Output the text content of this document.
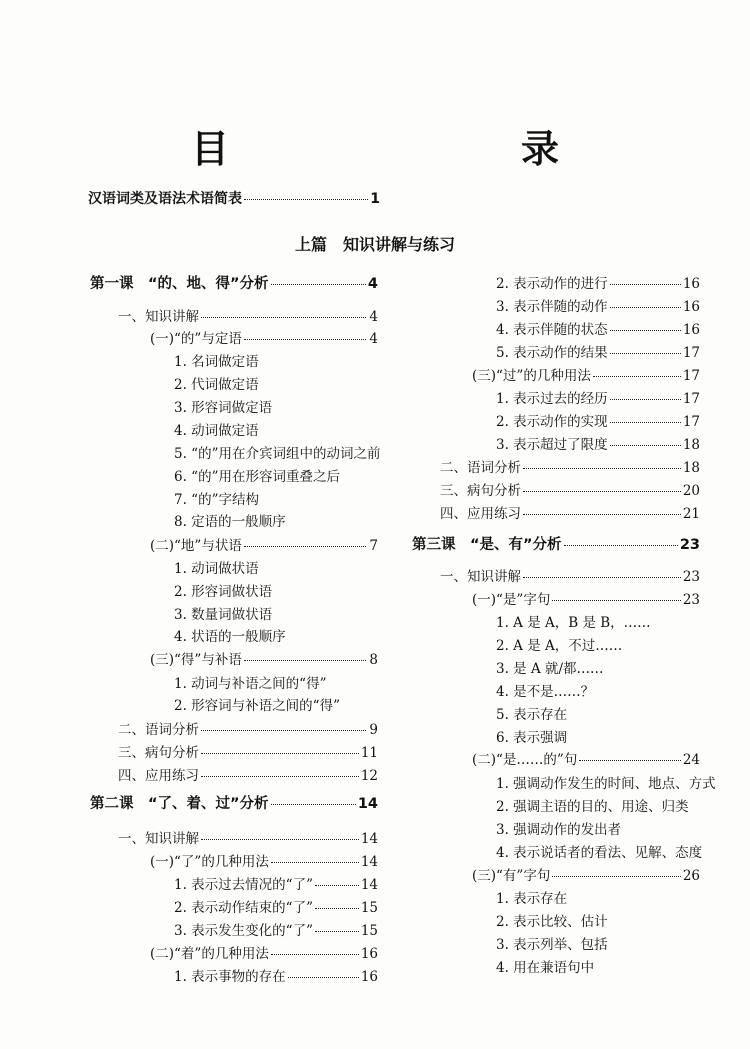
目　　录
汉语词类及语法术语简表	1
上篇　知识讲解与练习
第一课　“的、地、得”分析	4
一、知识讲解	4
(一)“的”与定语	4
1. 名词做定语
2. 代词做定语
3. 形容词做定语
4. 动词做定语
5. “的”用在介宾词组中的动词之前
6. “的”用在形容词重叠之后
7. “的”字结构
8. 定语的一般顺序
(二)“地”与状语	7
1. 动词做状语
2. 形容词做状语
3. 数量词做状语
4. 状语的一般顺序
(三)“得”与补语	8
1. 动词与补语之间的“得”
2. 形容词与补语之间的“得”
二、语词分析	9
三、病句分析	11
四、应用练习	12
第二课　“了、着、过”分析	14
一、知识讲解	14
(一)“了”的几种用法	14
1. 表示过去情况的“了”	14
2. 表示动作结束的“了”	15
3. 表示发生变化的“了”	15
(二)“着”的几种用法	16
1. 表示事物的存在	16
2. 表示动作的进行	16
3. 表示伴随的动作	16
4. 表示伴随的状态	16
5. 表示动作的结果	17
(三)“过”的几种用法	17
1. 表示过去的经历	17
2. 表示动作的实现	17
3. 表示超过了限度	18
二、语词分析	18
三、病句分析	20
四、应用练习	21
第三课　“是、有”分析	23
一、知识讲解	23
(一)“是”字句	23
1. A 是 A，B 是 B，……
2. A 是 A，不过……
3. 是 A 就/都……
4. 是不是……？
5. 表示存在
6. 表示强调
(二)“是……的”句	24
1. 强调动作发生的时间、地点、方式
2. 强调主语的目的、用途、归类
3. 强调动作的发出者
4. 表示说话者的看法、见解、态度
(三)“有”字句	26
1. 表示存在
2. 表示比较、估计
3. 表示列举、包括
4. 用在兼语句中
